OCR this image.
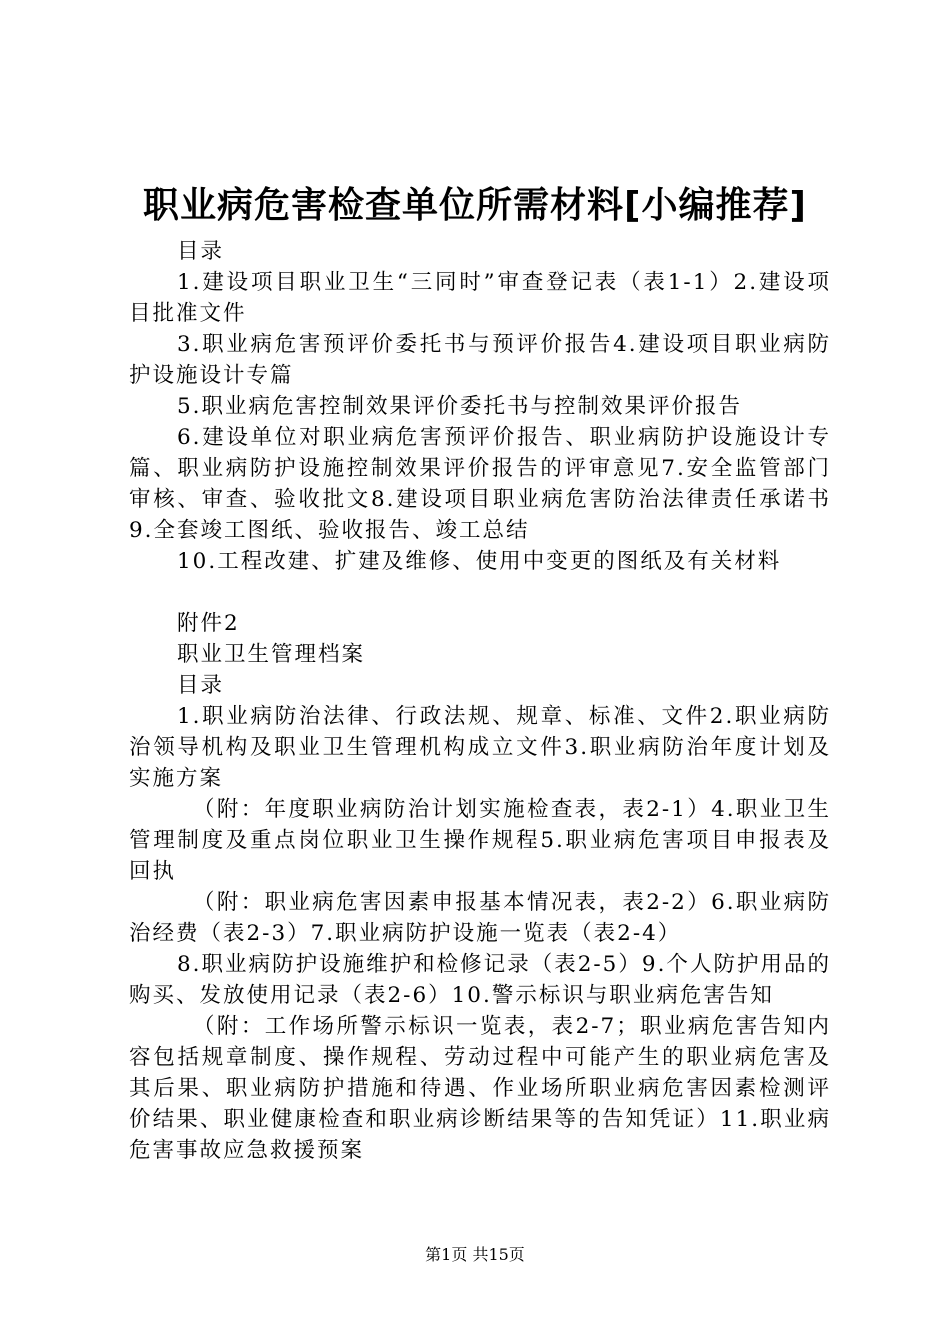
职业病危害检查单位所需材料[小编推荐]

目录

1.建设项目职业卫生“三同时”审查登记表（表1-1）2.建设项目批准文件

3.职业病危害预评价委托书与预评价报告4.建设项目职业病防护设施设计专篇

5.职业病危害控制效果评价委托书与控制效果评价报告

6.建设单位对职业病危害预评价报告、职业病防护设施设计专篇、职业病防护设施控制效果评价报告的评审意见7.安全监管部门审核、审查、验收批文8.建设项目职业病危害防治法律责任承诺书9.全套竣工图纸、验收报告、竣工总结

10.工程改建、扩建及维修、使用中变更的图纸及有关材料

附件2

职业卫生管理档案

目录

1.职业病防治法律、行政法规、规章、标准、文件2.职业病防治领导机构及职业卫生管理机构成立文件3.职业病防治年度计划及实施方案

（附：年度职业病防治计划实施检查表，表2-1）4.职业卫生管理制度及重点岗位职业卫生操作规程5.职业病危害项目申报表及回执

（附：职业病危害因素申报基本情况表，表2-2）6.职业病防治经费（表2-3）7.职业病防护设施一览表（表2-4）

8.职业病防护设施维护和检修记录（表2-5）9.个人防护用品的购买、发放使用记录（表2-6）10.警示标识与职业病危害告知

（附：工作场所警示标识一览表，表2-7；职业病危害告知内容包括规章制度、操作规程、劳动过程中可能产生的职业病危害及其后果、职业病防护措施和待遇、作业场所职业病危害因素检测评价结果、职业健康检查和职业病诊断结果等的告知凭证）11.职业病危害事故应急救援预案

第1页 共15页
